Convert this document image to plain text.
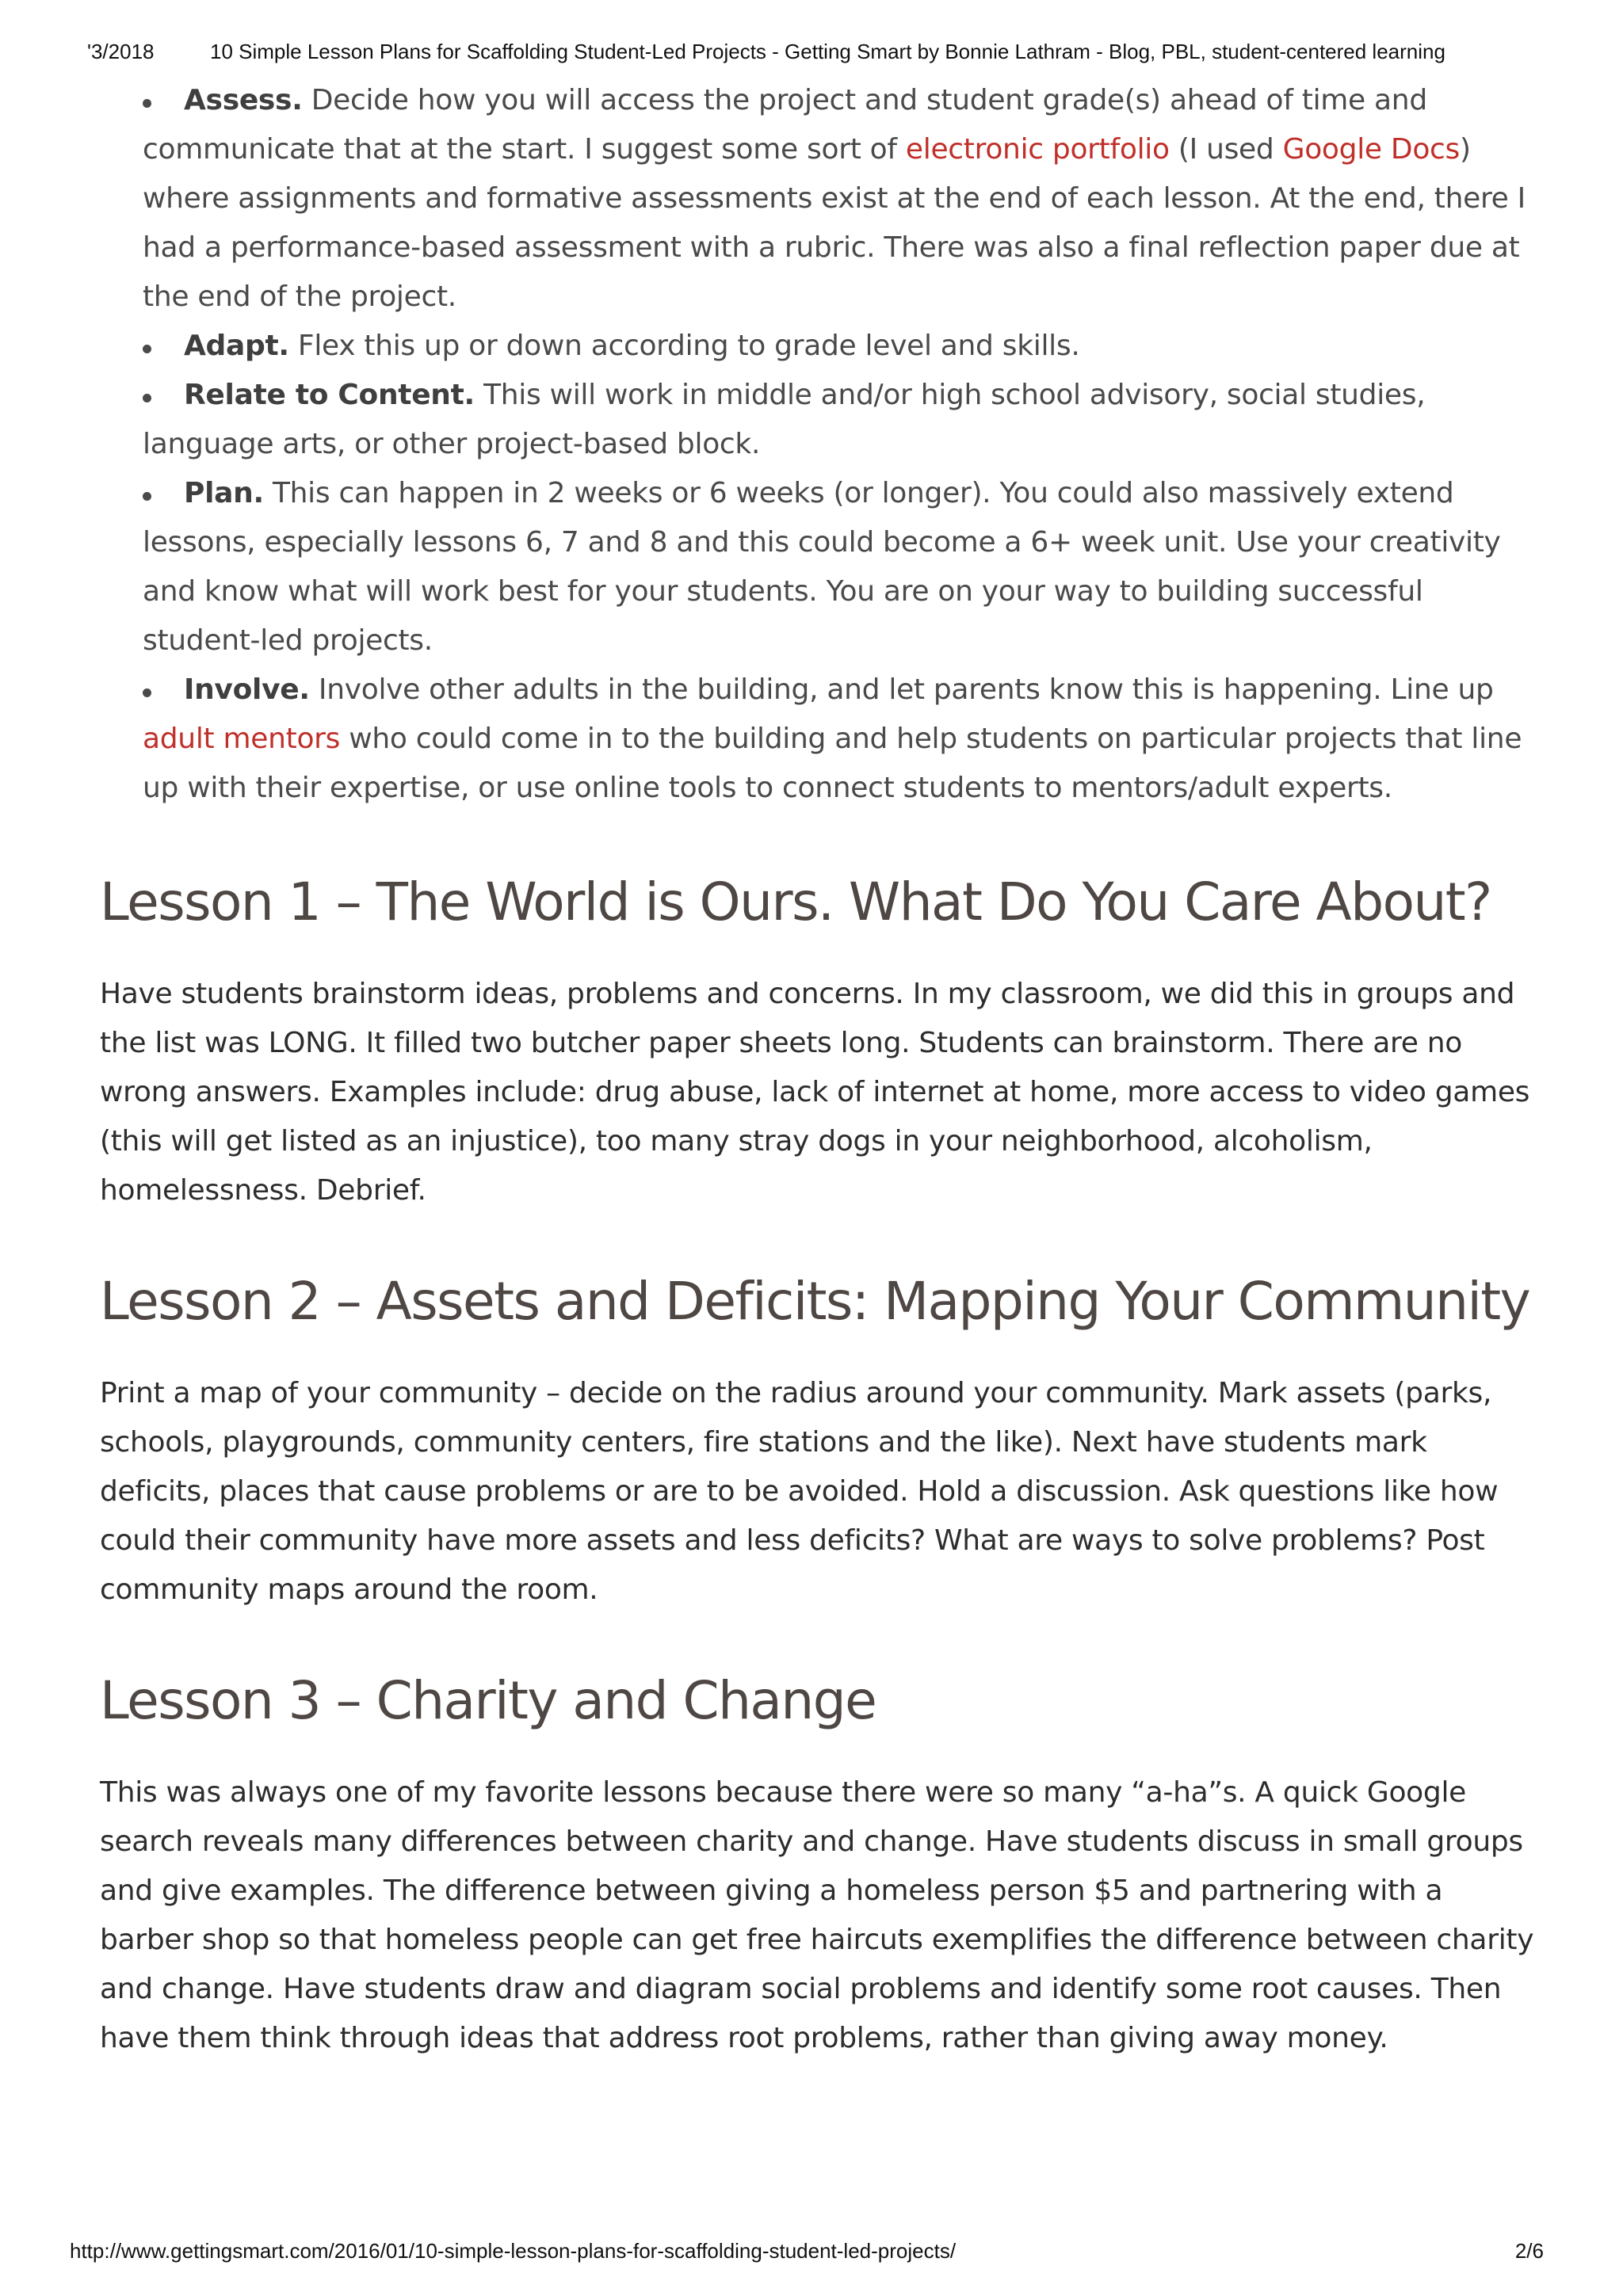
'3/2018	10 Simple Lesson Plans for Scaffolding Student-Led Projects - Getting Smart by Bonnie Lathram - Blog, PBL, student-centered learning
Assess. Decide how you will access the project and student grade(s) ahead of time and communicate that at the start. I suggest some sort of electronic portfolio (I used Google Docs) where assignments and formative assessments exist at the end of each lesson. At the end, there I had a performance-based assessment with a rubric. There was also a final reflection paper due at the end of the project.
Adapt. Flex this up or down according to grade level and skills.
Relate to Content. This will work in middle and/or high school advisory, social studies, language arts, or other project-based block.
Plan. This can happen in 2 weeks or 6 weeks (or longer). You could also massively extend lessons, especially lessons 6, 7 and 8 and this could become a 6+ week unit. Use your creativity and know what will work best for your students. You are on your way to building successful student-led projects.
Involve. Involve other adults in the building, and let parents know this is happening. Line up adult mentors who could come in to the building and help students on particular projects that line up with their expertise, or use online tools to connect students to mentors/adult experts.
Lesson 1 – The World is Ours. What Do You Care About?

Have students brainstorm ideas, problems and concerns. In my classroom, we did this in groups and the list was LONG. It filled two butcher paper sheets long. Students can brainstorm. There are no wrong answers. Examples include: drug abuse, lack of internet at home, more access to video games (this will get listed as an injustice), too many stray dogs in your neighborhood, alcoholism, homelessness. Debrief.

Lesson 2 – Assets and Deficits: Mapping Your Community

Print a map of your community – decide on the radius around your community. Mark assets (parks, schools, playgrounds, community centers, fire stations and the like). Next have students mark deficits, places that cause problems or are to be avoided. Hold a discussion. Ask questions like how could their community have more assets and less deficits? What are ways to solve problems? Post community maps around the room.

Lesson 3 – Charity and Change

This was always one of my favorite lessons because there were so many “a-ha”s. A quick Google search reveals many differences between charity and change. Have students discuss in small groups and give examples. The difference between giving a homeless person $5 and partnering with a barber shop so that homeless people can get free haircuts exemplifies the difference between charity and change. Have students draw and diagram social problems and identify some root causes. Then have them think through ideas that address root problems, rather than giving away money.

http://www.gettingsmart.com/2016/01/10-simple-lesson-plans-for-scaffolding-student-led-projects/	2/6
